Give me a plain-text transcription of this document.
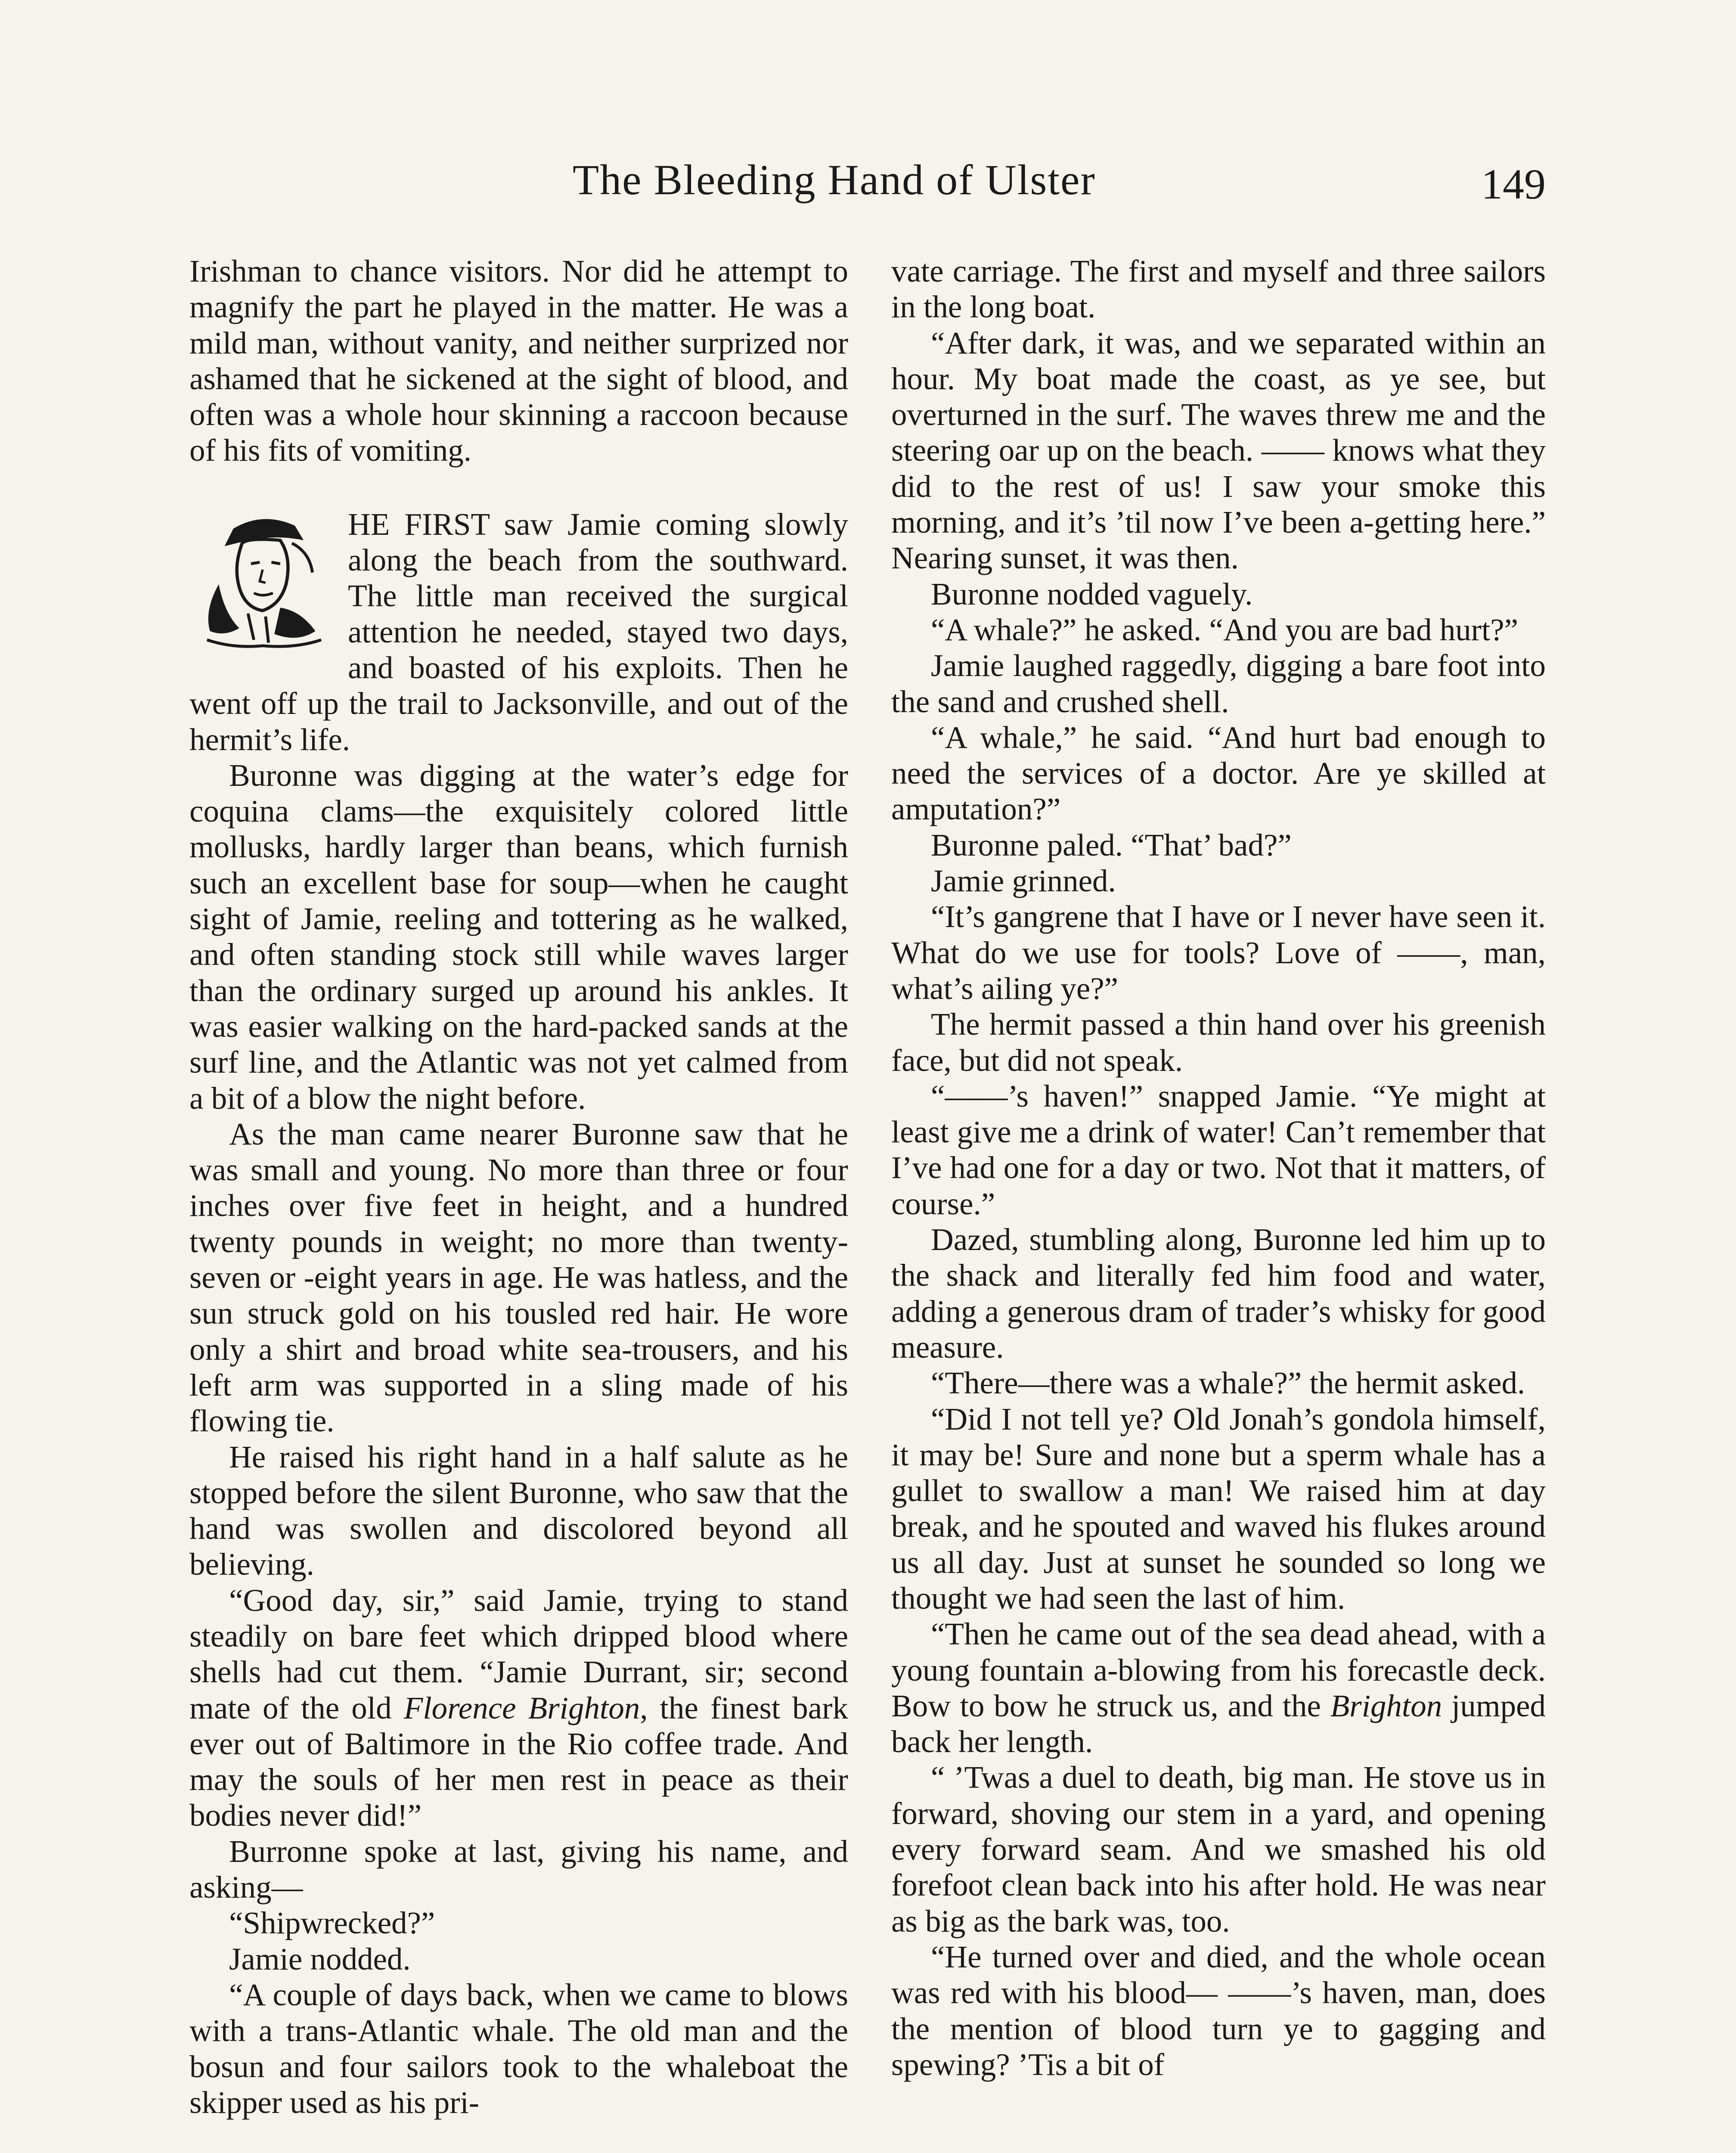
The Bleeding Hand of Ulster	149

Irishman to chance visitors. Nor did he attempt to magnify the part he played in the matter. He was a mild man, without vanity, and neither surprized nor ashamed that he sickened at the sight of blood, and often was a whole hour skinning a raccoon because of his fits of vomiting.

HE FIRST saw Jamie coming slowly along the beach from the southward. The little man received the surgical attention he needed, stayed two days, and boasted of his exploits. Then he went off up the trail to Jacksonville, and out of the hermit’s life.

Buronne was digging at the water’s edge for coquina clams—the exquisitely colored little mollusks, hardly larger than beans, which furnish such an excellent base for soup—when he caught sight of Jamie, reeling and tottering as he walked, and often standing stock still while waves larger than the ordinary surged up around his ankles. It was easier walking on the hard-packed sands at the surf line, and the Atlantic was not yet calmed from a bit of a blow the night before.

As the man came nearer Buronne saw that he was small and young. No more than three or four inches over five feet in height, and a hundred twenty pounds in weight; no more than twenty-seven or -eight years in age. He was hatless, and the sun struck gold on his tousled red hair. He wore only a shirt and broad white sea-trousers, and his left arm was supported in a sling made of his flowing tie.

He raised his right hand in a half salute as he stopped before the silent Buronne, who saw that the hand was swollen and discolored beyond all believing.

“Good day, sir,” said Jamie, trying to stand steadily on bare feet which dripped blood where shells had cut them. “Jamie Durrant, sir; second mate of the old Florence Brighton, the finest bark ever out of Baltimore in the Rio coffee trade. And may the souls of her men rest in peace as their bodies never did!”

Burronne spoke at last, giving his name, and asking—

“Shipwrecked?”

Jamie nodded.

“A couple of days back, when we came to blows with a trans-Atlantic whale. The old man and the bosun and four sailors took to the whaleboat the skipper used as his pri-

vate carriage. The first and myself and three sailors in the long boat.

“After dark, it was, and we separated within an hour. My boat made the coast, as ye see, but overturned in the surf. The waves threw me and the steering oar up on the beach. —— knows what they did to the rest of us! I saw your smoke this morning, and it’s ’til now I’ve been a-getting here.” Nearing sunset, it was then.

Buronne nodded vaguely.

“A whale?” he asked. “And you are bad hurt?”

Jamie laughed raggedly, digging a bare foot into the sand and crushed shell.

“A whale,” he said. “And hurt bad enough to need the services of a doctor. Are ye skilled at amputation?”

Buronne paled. “That’ bad?”

Jamie grinned.

“It’s gangrene that I have or I never have seen it. What do we use for tools? Love of ——, man, what’s ailing ye?”

The hermit passed a thin hand over his greenish face, but did not speak.

“——’s haven!” snapped Jamie. “Ye might at least give me a drink of water! Can’t remember that I’ve had one for a day or two. Not that it matters, of course.”

Dazed, stumbling along, Buronne led him up to the shack and literally fed him food and water, adding a generous dram of trader’s whisky for good measure.

“There—there was a whale?” the hermit asked.

“Did I not tell ye? Old Jonah’s gondola himself, it may be! Sure and none but a sperm whale has a gullet to swallow a man! We raised him at day break, and he spouted and waved his flukes around us all day. Just at sunset he sounded so long we thought we had seen the last of him.

“Then he came out of the sea dead ahead, with a young fountain a-blowing from his forecastle deck. Bow to bow he struck us, and the Brighton jumped back her length.

“ ’Twas a duel to death, big man. He stove us in forward, shoving our stem in a yard, and opening every forward seam. And we smashed his old forefoot clean back into his after hold. He was near as big as the bark was, too.

“He turned over and died, and the whole ocean was red with his blood— ——’s haven, man, does the mention of blood turn ye to gagging and spewing? ’Tis a bit of
